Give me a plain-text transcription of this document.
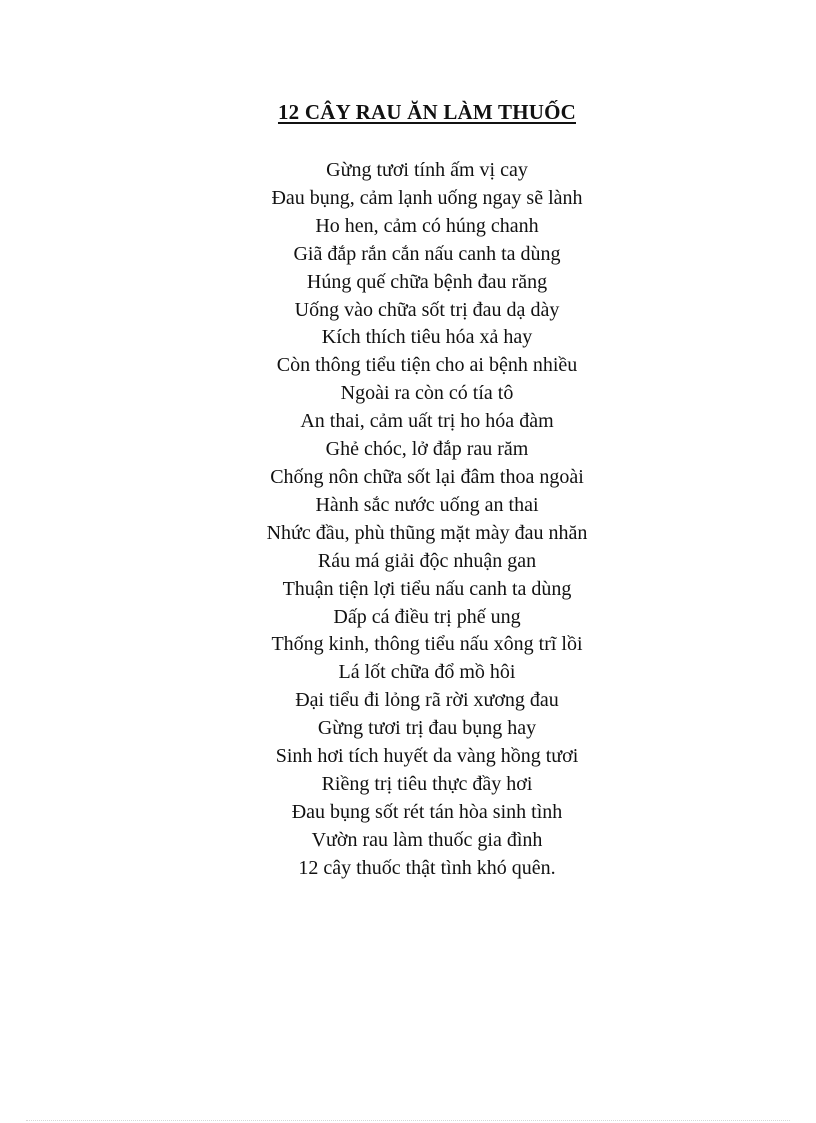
12 CÂY RAU ĂN LÀM THUỐC
Gừng tươi tính ấm vị cay
Đau bụng, cảm lạnh uống ngay sẽ lành
Ho hen, cảm có húng chanh
Giã đắp rắn cắn nấu canh ta dùng
Húng quế chữa bệnh đau răng
Uống vào chữa sốt trị đau dạ dày
Kích thích tiêu hóa xả hay
Còn thông tiểu tiện cho ai bệnh nhiều
Ngoài ra còn có tía tô
An thai, cảm uất trị ho hóa đàm
Ghẻ chóc, lở đắp rau răm
Chống nôn chữa sốt lại đâm thoa ngoài
Hành sắc nước uống an thai
Nhức đầu, phù thũng mặt mày đau nhăn
Ráu má giải độc nhuận gan
Thuận tiện lợi tiểu nấu canh ta dùng
Dấp cá điều trị phế ung
Thống kinh, thông tiểu nấu xông trĩ lồi
Lá lốt chữa đổ mồ hôi
Đại tiểu đi lỏng rã rời xương đau
Gừng tươi trị đau bụng hay
Sinh hơi tích huyết da vàng hồng tươi
Riềng trị tiêu thực đầy hơi
Đau bụng sốt rét tán hòa sinh tình
Vườn rau làm thuốc gia đình
12 cây thuốc thật tình khó quên.
